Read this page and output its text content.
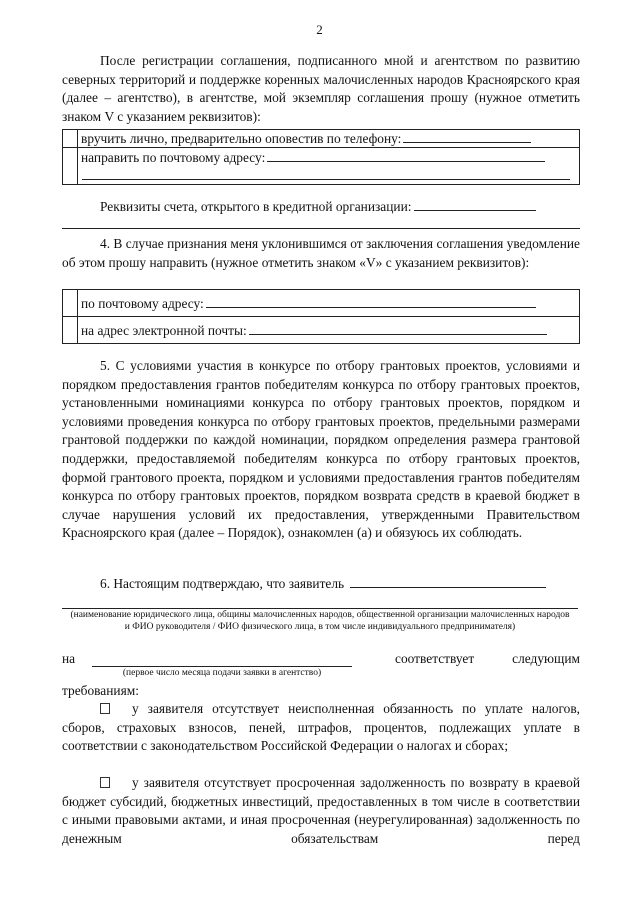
2

После регистрации соглашения, подписанного мной и агентством по развитию северных территорий и поддержке коренных малочисленных народов Красноярского края (далее – агентство), в агентстве, мой экземпляр соглашения прошу (нужное отметить знаком V с указанием реквизитов):

	вручить лично, предварительно оповестив по телефону:
	направить по почтовому адресу:

Реквизиты счета, открытого в кредитной организации:

4. В случае признания меня уклонившимся от заключения соглашения уведомление об этом прошу направить (нужное отметить знаком «V» с указанием реквизитов):

	по почтовому адресу:
	на адрес электронной почты:

5. С условиями участия в конкурсе по отбору грантовых проектов, условиями и порядком предоставления грантов победителям конкурса по отбору грантовых проектов, установленными номинациями конкурса по отбору грантовых проектов, порядком и условиями проведения конкурса по отбору грантовых проектов, предельными размерами грантовой поддержки по каждой номинации, порядком определения размера грантовой поддержки, предоставляемой победителям конкурса по отбору грантовых проектов, формой грантового проекта, порядком и условиями предоставления грантов победителям конкурса по отбору грантовых проектов, порядком возврата средств в краевой бюджет в случае нарушения условий их предоставления, утвержденными Правительством Красноярского края (далее – Порядок), ознакомлен (а) и обязуюсь их соблюдать.

6. Настоящим подтверждаю, что заявитель
(наименование юридического лица, общины малочисленных народов, общественной организации малочисленных народов и ФИО руководителя / ФИО физического лица, в том числе индивидуального предпринимателя)
на	соответствует следующим
(первое число месяца подачи заявки в агентство)
требованиям:

у заявителя отсутствует неисполненная обязанность по уплате налогов, сборов, страховых взносов, пеней, штрафов, процентов, подлежащих уплате в соответствии с законодательством Российской Федерации о налогах и сборах;

у заявителя отсутствует просроченная задолженность по возврату в краевой бюджет субсидий, бюджетных инвестиций, предоставленных в том числе в соответствии с иными правовыми актами, и иная просроченная (неурегулированная) задолженность по денежным обязательствам перед
